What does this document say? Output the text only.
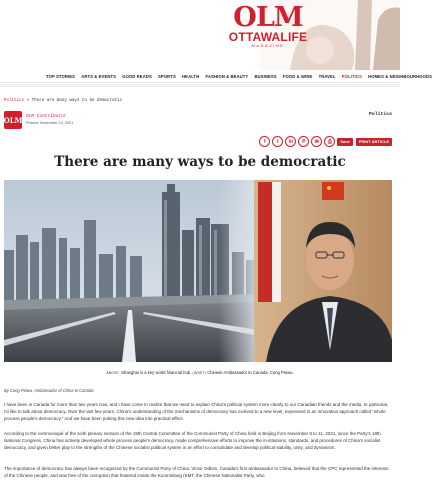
OLM
OTTAWALIFE
MAGAZINE
TOP STORIES ARTS & EVENTS GOOD READS SPORTS HEALTH FASHION & BEAUTY BUSINESS FOOD & WINE TRAVEL POLITICS HOMES & NEIGHBOURHOODS
Politics » There are many ways to be democratic
OLM OLM Contributor
Posted: November 13, 2021
Politics
f	t	in	P	✉	⎙	Save PRINT ARTICLE
There are many ways to be democratic
ABOVE: Shanghai is a key world financial hub. (INSET) Chinese Ambassador to Canada, Cong Peiwu.
By Cong Peiwu, Ambassador of China to Canada

I have been in Canada for more than two years now, and I have come to realize that we need to explain China's political system more clearly to our Canadian friends and the media. In particular, I'd like to talk about democracy. Over the last few years, China's understanding of the mechanisms of democracy has evolved to a new level, expressed in an innovative approach called "whole process people's democracy." And we have been putting this new idea into practical effect.

According to the communiqué of the sixth plenary session of the 19th Central Committee of the Communist Party of China held in Beijing from November 8 to 11, 2021, since the Party's 18th National Congress, China has actively developed whole process people's democracy, made comprehensive efforts to improve the in-stitutions, standards, and procedures of China's socialist democracy, and given better play to the strengths of the Chinese socialist political system in an effort to consolidate and develop political stability, unity, and dynamism.

The importance of democracy has always been recognized by the Communist Party of China. Victor Odlum, Canada's first ambassador to China, believed that the CPC represented the interests of the Chinese people, and was free of the corruption that festered inside the Kuomintang (KMT, the Chinese Nationalist Party, who
